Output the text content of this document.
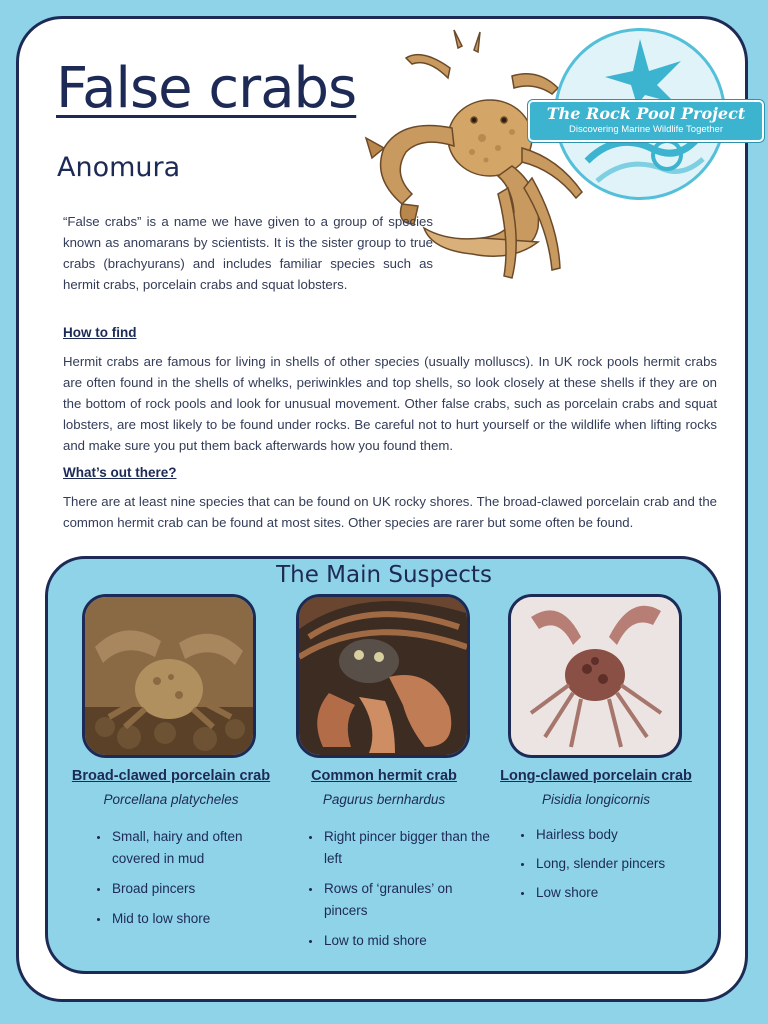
False crabs
Anomura
The Rock Pool Project
Discovering Marine Wildlife Together

“False crabs” is a name we have given to a group of species known as anomarans by scientists. It is the sister group to true crabs (brachyurans) and includes familiar species such as hermit crabs, porcelain crabs and squat lobsters.

How to find

Hermit crabs are famous for living in shells of other species (usually molluscs). In UK rock pools hermit crabs are often found in the shells of whelks, periwinkles and top shells, so look closely at these shells if they are on the bottom of rock pools and look for unusual movement. Other false crabs, such as porcelain crabs and squat lobsters, are most likely to be found under rocks. Be careful not to hurt yourself or the wildlife when lifting rocks and make sure you put them back afterwards how you found them.

What’s out there?

There are at least nine species that can be found on UK rocky shores. The broad-clawed porcelain crab and the common hermit crab can be found at most sites. Other species are rarer but some often be found.

The Main Suspects

Broad-clawed porcelain crab

Porcellana platycheles

Common hermit crab

Pagurus bernhardus

Long-clawed porcelain crab

Pisidia longicornis

• Small, hairy and often covered in mud
• Broad pincers
• Mid to low shore
• Right pincer bigger than the left
• Rows of ‘granules’ on pincers
• Low to mid shore
• Hairless body
• Long, slender pincers
• Low shore
